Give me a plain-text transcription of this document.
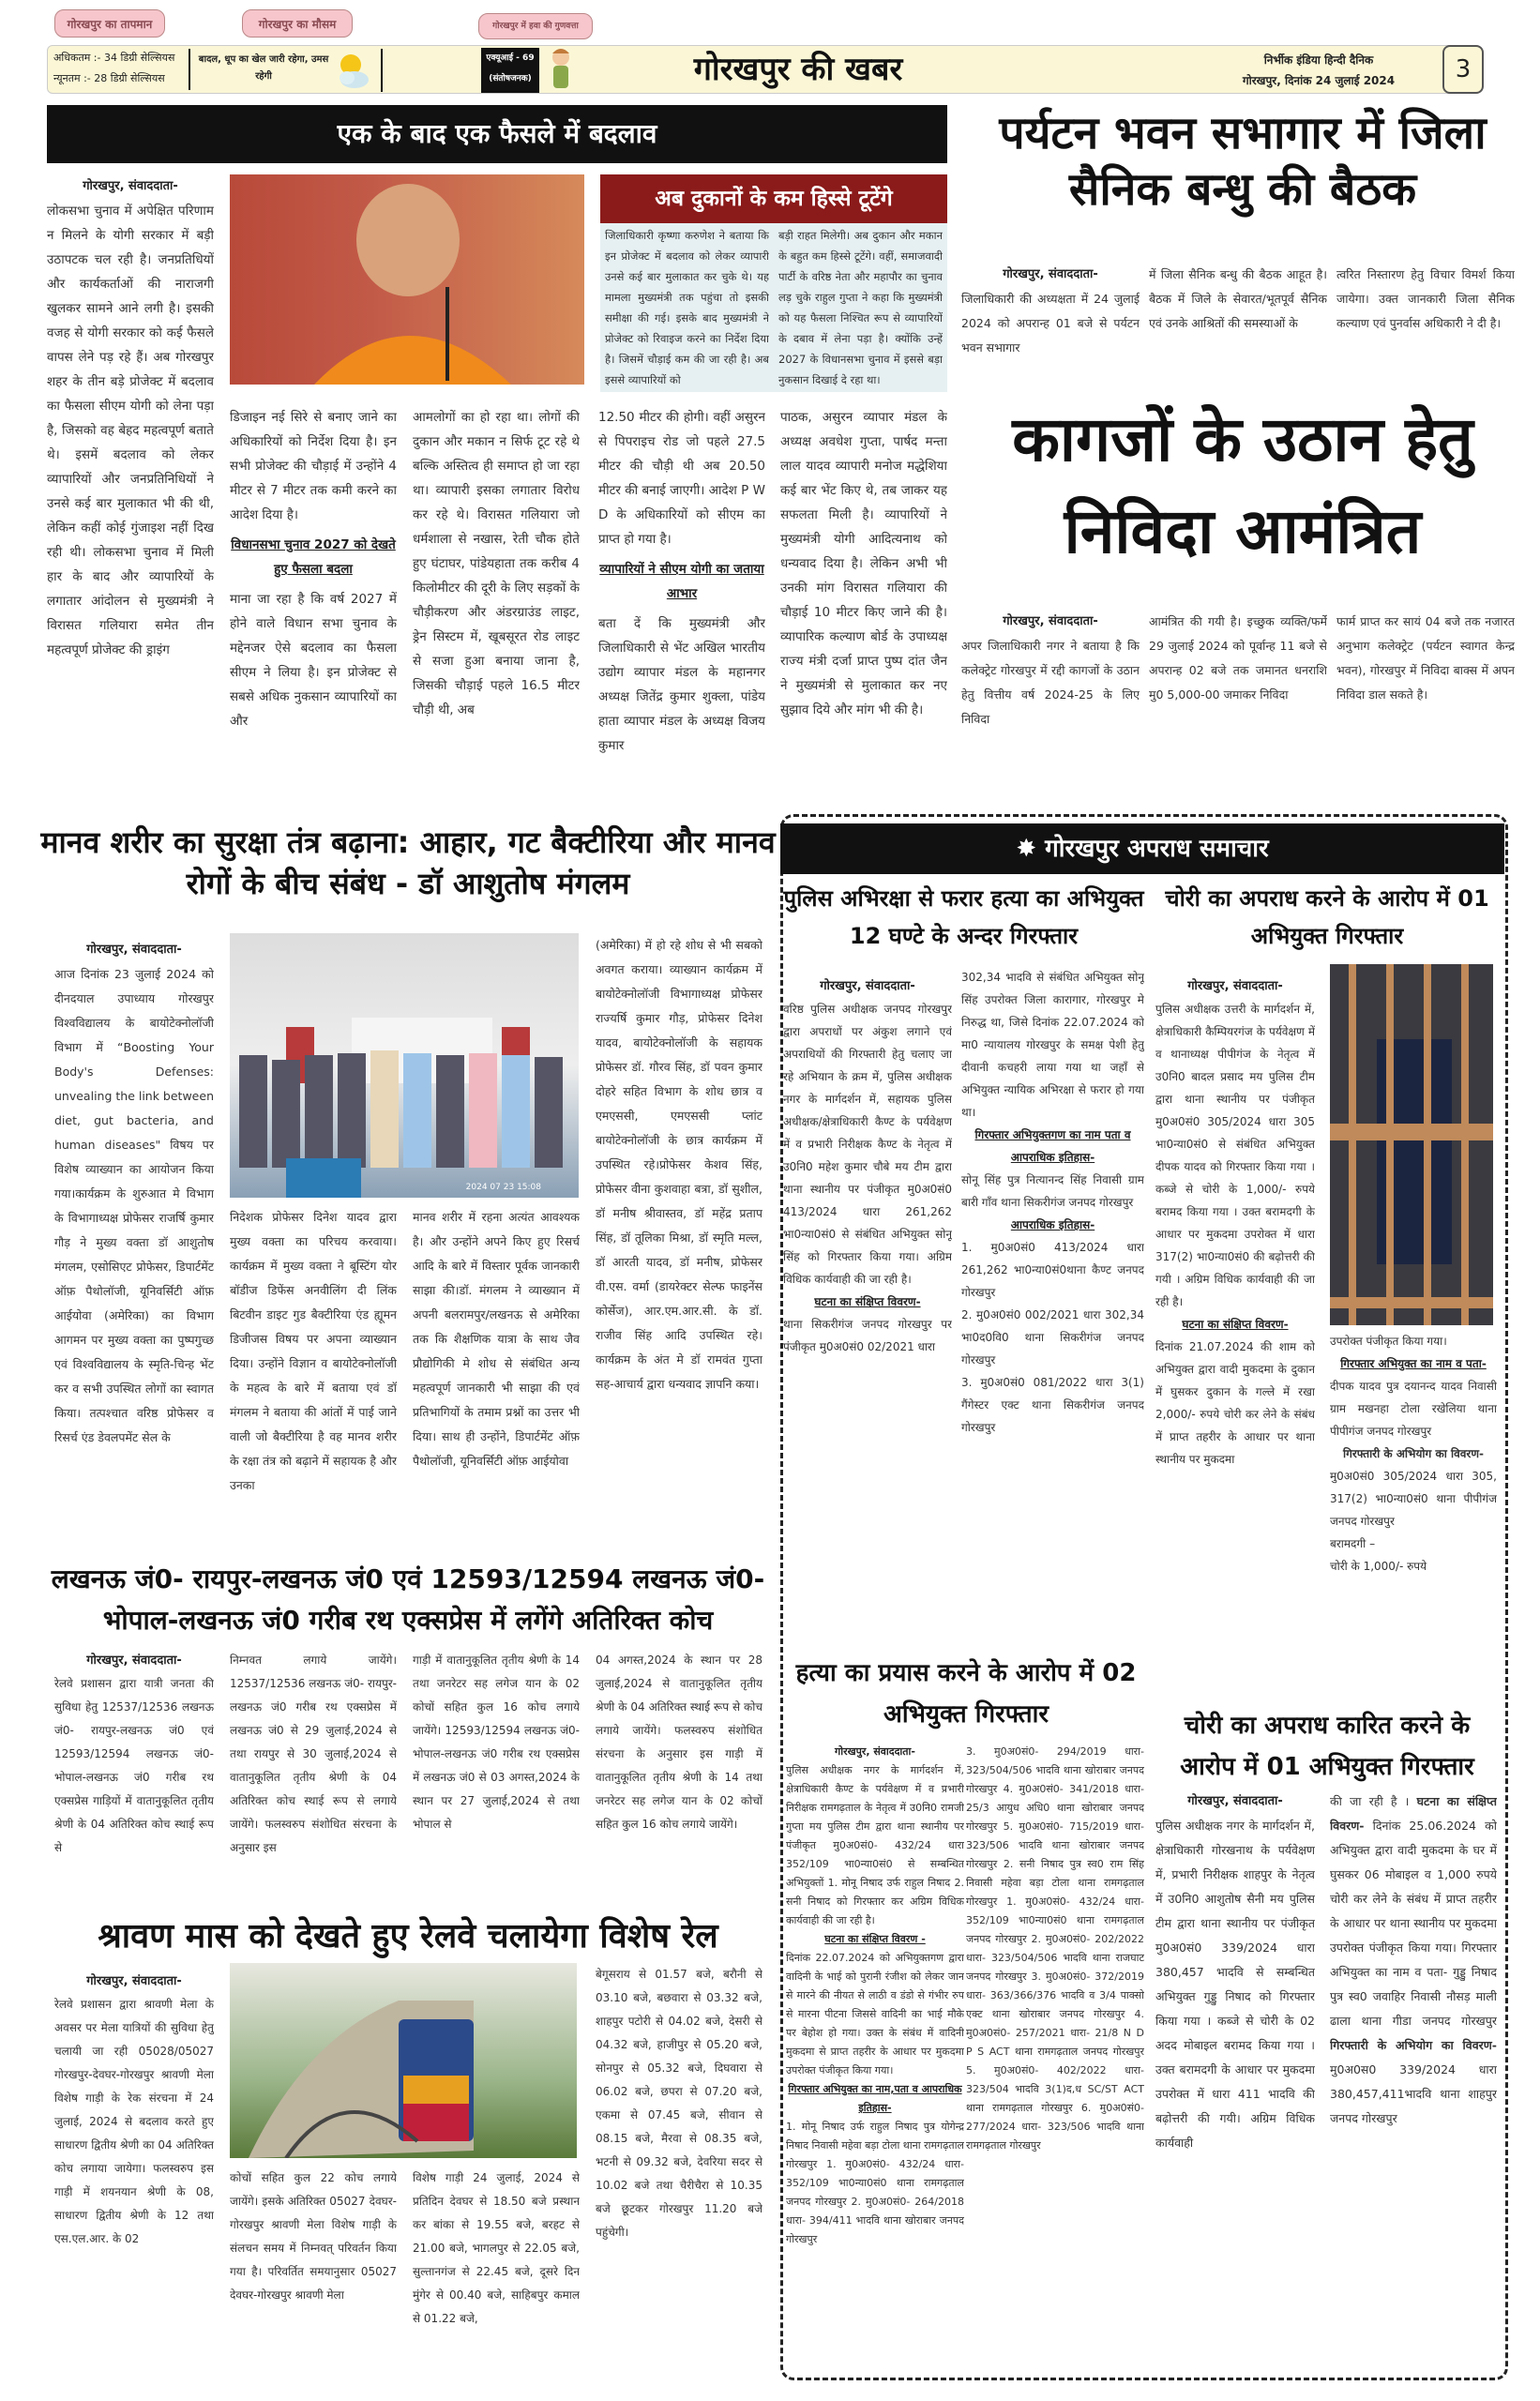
गोरखपुर का तापमान	गोरखपुर का मौसम	गोरखपुर में हवा की गुणवत्ता
अधिकतम :- 34 डिग्री सेल्सियस
न्यूनतम :- 28 डिग्री सेल्सियस
बादल, धूप का खेल जारी रहेगा, उमस रहेगी
एक्यूआई - 69
(संतोषजनक)	गोरखपुर की खबर	निर्भीक इंडिया हिन्दी दैनिक
गोरखपुर, दिनांक 24 जुलाई 2024	3
एक के बाद एक फैसले में बदलाव
गोरखपुर, संवाददाता-

लोकसभा चुनाव में अपेक्षित परिणाम न मिलने के योगी सरकार में बड़ी उठापटक चल रही है। जनप्रतिधियों और कार्यकर्ताओं की नाराजगी खुलकर सामने आने लगी है। इसकी वजह से योगी सरकार को कई फैसले वापस लेने पड़ रहे हैं। अब गोरखपुर शहर के तीन बड़े प्रोजेक्ट में बदलाव का फैसला सीएम योगी को लेना पड़ा है, जिसको वह बेहद महत्वपूर्ण बताते थे। इसमें बदलाव को लेकर व्यापारियों और जनप्रतिनिधियों ने उनसे कई बार मुलाकात भी की थी, लेकिन कहीं कोई गुंजाइश नहीं दिख रही थी। लोकसभा चुनाव में मिली हार के बाद और व्यापारियों के लगातार आंदोलन से मुख्यमंत्री ने विरासत गलियारा समेत तीन महत्वपूर्ण प्रोजेक्ट की ड्राइंग

अब दुकानों के कम हिस्से टूटेंगे
जिलाधिकारी कृष्णा करुणेश ने बताया कि इन प्रोजेक्ट में बदलाव को लेकर व्यापारी उनसे कई बार मुलाकात कर चुके थे। यह मामला मुख्यमंत्री तक पहुंचा तो इसकी समीक्षा की गई। इसके बाद मुख्यमंत्री ने प्रोजेक्ट को रिवाइज करने का निर्देश दिया है। जिसमें चौड़ाई कम की जा रही है। अब इससे व्यापारियों को
बड़ी राहत मिलेगी। अब दुकान और मकान के बहुत कम हिस्से टूटेंगे। वहीं, समाजवादी पार्टी के वरिष्ठ नेता और महापौर का चुनाव लड़ चुके राहुल गुप्ता ने कहा कि मुख्यमंत्री को यह फैसला निश्चित रूप से व्यापारियों के दबाव में लेना पड़ा है। क्योंकि उन्हें 2027 के विधानसभा चुनाव में इससे बड़ा नुकसान दिखाई दे रहा था।

डिजाइन नई सिरे से बनाए जाने का अधिकारियों को निर्देश दिया है। इन सभी प्रोजेक्ट की चौड़ाई में उन्होंने 4 मीटर से 7 मीटर तक कमी करने का आदेश दिया है।

विधानसभा चुनाव 2027 को देखते हुए फैसला बदला

माना जा रहा है कि वर्ष 2027 में होने वाले विधान सभा चुनाव के मद्देनजर ऐसे बदलाव का फैसला सीएम ने लिया है। इन प्रोजेक्ट से सबसे अधिक नुकसान व्यापारियों का और

आमलोगों का हो रहा था। लोगों की दुकान और मकान न सिर्फ टूट रहे थे बल्कि अस्तित्व ही समाप्त हो जा रहा था। व्यापारी इसका लगातार विरोध कर रहे थे। विरासत गलियारा जो धर्मशाला से नखास, रेती चौक होते हुए घंटाघर, पांडेयहाता तक करीब 4 किलोमीटर की दूरी के लिए सड़कों के चौड़ीकरण और अंडरग्राउंड लाइट, ड्रेन सिस्टम में, खूबसूरत रोड लाइट से सजा हुआ बनाया जाना है, जिसकी चौड़ाई पहले 16.5 मीटर चौड़ी थी, अब

12.50 मीटर की होगी। वहीं असुरन से पिपराइच रोड जो पहले 27.5 मीटर की चौड़ी थी अब 20.50 मीटर की बनाई जाएगी। आदेश P W D के अधिकारियों को सीएम का प्राप्त हो गया है।

व्यापारियों ने सीएम योगी का जताया आभार

बता दें कि मुख्यमंत्री और जिलाधिकारी से भेंट अखिल भारतीय उद्योग व्यापार मंडल के महानगर अध्यक्ष जितेंद्र कुमार शुक्ला, पांडेय हाता व्यापार मंडल के अध्यक्ष विजय कुमार

पाठक, असुरन व्यापार मंडल के अध्यक्ष अवधेश गुप्ता, पार्षद मन्ता लाल यादव व्यापारी मनोज मद्धेशिया कई बार भेंट किए थे, तब जाकर यह सफलता मिली है। व्यापारियों ने मुख्यमंत्री योगी आदित्यनाथ को धन्यवाद दिया है। लेकिन अभी भी उनकी मांग विरासत गलियारा की चौड़ाई 10 मीटर किए जाने की है। व्यापारिक कल्याण बोर्ड के उपाध्यक्ष राज्य मंत्री दर्जा प्राप्त पुष्प दांत जैन ने मुख्यमंत्री से मुलाकात कर नए सुझाव दिये और मांग भी की है।
पर्यटन भवन सभागार में जिला सैनिक बन्धु की बैठक
गोरखपुर, संवाददाता-

जिलाधिकारी की अध्यक्षता में 24 जुलाई 2024 को अपरान्ह 01 बजे से पर्यटन भवन सभागार

में जिला सैनिक बन्धु की बैठक आहूत है। बैठक में जिले के सेवारत/भूतपूर्व सैनिक एवं उनके आश्रितों की समस्याओं के
त्वरित निस्तारण हेतु विचार विमर्श किया जायेगा। उक्त जानकारी जिला सैनिक कल्याण एवं पुनर्वास अधिकारी ने दी है।
कागजों के उठान हेतु निविदा आमंत्रित
गोरखपुर, संवाददाता-

अपर जिलाधिकारी नगर ने बताया है कि कलेक्ट्रेट गोरखपुर में रद्दी कागजों के उठान हेतु वित्तीय वर्ष 2024-25 के लिए निविदा

आमंत्रित की गयी है। इच्छुक व्यक्ति/फर्मे 29 जुलाई 2024 को पूर्वान्ह 11 बजे से अपरान्ह 02 बजे तक जमानत धनराशि मु0 5,000-00 जमाकर निविदा
फार्म प्राप्त कर सायं 04 बजे तक नजारत अनुभाग कलेक्ट्रेट (पर्यटन स्वागत केन्द्र भवन), गोरखपुर में निविदा बाक्स में अपन निविदा डाल सकते है।
मानव शरीर का सुरक्षा तंत्र बढ़ाना: आहार, गट बैक्टीरिया और मानव रोगों के बीच संबंध - डॉ आशुतोष मंगलम
गोरखपुर, संवाददाता-

आज दिनांक 23 जुलाई 2024 को दीनदयाल उपाध्याय गोरखपुर विश्वविद्यालय के बायोटेक्नोलॉजी विभाग में “Boosting Your Body's Defenses: unvealing the link between diet, gut bacteria, and human diseases" विषय पर विशेष व्याख्यान का आयोजन किया गया।कार्यक्रम के शुरुआत मे विभाग के विभागाध्यक्ष प्रोफेसर राजर्षि कुमार गौड़ ने मुख्य वक्ता डॉ आशुतोष मंगलम, एसोसिएट प्रोफेसर, डिपार्टमेंट ऑफ़ पैथोलॉजी, यूनिवर्सिटी ऑफ़ आईयोवा (अमेरिका) का विभाग आगमन पर मुख्य वक्ता का पुष्पगुच्छ एवं विश्वविद्यालय के स्मृति-चिन्ह भेंट कर व सभी उपस्थित लोगों का स्वागत किया। तत्पश्चात वरिष्ठ प्रोफेसर व रिसर्च एंड डेवलपमेंट सेल के

2024 07 23 15:08
निदेशक प्रोफेसर दिनेश यादव द्वारा मुख्य वक्ता का परिचय करवाया।कार्यक्रम में मुख्य वक्ता ने बूस्टिंग योर बॉडीज डिफेंस अनवीलिंग दी लिंक बिटवीन डाइट गुड बैक्टीरिया एंड ह्यूमन डिजीजस विषय पर अपना व्याख्यान दिया। उन्होंने विज्ञान व बायोटेक्नोलॉजी के महत्व के बारे में बताया एवं डॉ मंगलम ने बताया की आंतों में पाई जाने वाली जो बैक्टीरिया है वह मानव शरीर के रक्षा तंत्र को बढ़ाने में सहायक है और उनका
मानव शरीर में रहना अत्यंत आवश्यक है। और उन्होंने अपने किए हुए रिसर्च आदि के बारे में विस्तार पूर्वक जानकारी साझा की।डॉ. मंगलम ने व्याख्यान में अपनी बलरामपुर/लखनऊ से अमेरिका तक कि शैक्षणिक यात्रा के साथ जैव प्रौद्योगिकी मे शोध से संबंधित अन्य महत्वपूर्ण जानकारी भी साझा की एवं प्रतिभागियों के तमाम प्रश्नों का उत्तर भी दिया। साथ ही उन्होंने, डिपार्टमेंट ऑफ़ पैथोलॉजी, यूनिवर्सिटी ऑफ़ आईयोवा
(अमेरिका) में हो रहे शोध से भी सबको अवगत कराया। व्याख्यान कार्यक्रम में बायोटेक्नोलॉजी विभागाध्यक्ष प्रोफेसर राज्यर्षि कुमार गौड़, प्रोफेसर दिनेश यादव, बायोटेक्नोलॉजी के सहायक प्रोफेसर डॉ. गौरव सिंह, डॉ पवन कुमार दोहरे सहित विभाग के शोध छात्र व एमएससी, एमएससी प्लांट बायोटेक्नोलॉजी के छात्र कार्यक्रम में उपस्थित रहे।प्रोफेसर केशव सिंह, प्रोफेसर वीना कुशवाहा बत्रा, डॉ सुशील, डॉ मनीष श्रीवास्तव, डॉ महेंद्र प्रताप सिंह, डॉ तूलिका मिश्रा, डॉ स्मृति मल्ल, डॉ आरती यादव, डॉ मनीष, प्रोफेसर वी.एस. वर्मा (डायरेक्टर सेल्फ फाइनेंस कोर्सेज), आर.एम.आर.सी. के डॉ. राजीव सिंह आदि उपस्थित रहे। कार्यक्रम के अंत मे डॉ रामवंत गुप्ता सह-आचार्य द्वारा धन्यवाद ज्ञापनि कया।
लखनऊ जं0- रायपुर-लखनऊ जं0 एवं 12593/12594 लखनऊ जं0-भोपाल-लखनऊ जं0 गरीब रथ एक्सप्रेस में लगेंगे अतिरिक्त कोच
गोरखपुर, संवाददाता-

रेलवे प्रशासन द्वारा यात्री जनता की सुविधा हेतु 12537/12536 लखनऊ जं0- रायपुर-लखनऊ जं0 एवं 12593/12594 लखनऊ जं0- भोपाल-लखनऊ जं0 गरीब रथ एक्सप्रेस गाड़ियों में वातानुकूलित तृतीय श्रेणी के 04 अतिरिक्त कोच स्थाई रूप से

निम्नवत लगाये जायेंगे। 12537/12536 लखनऊ जं0- रायपुर-लखनऊ जं0 गरीब रथ एक्सप्रेस में लखनऊ जं0 से 29 जुलाई,2024 से तथा रायपुर से 30 जुलाई,2024 से वातानुकूलित तृतीय श्रेणी के 04 अतिरिक्त कोच स्थाई रूप से लगाये जायेंगे। फलस्वरुप संशोधित संरचना के अनुसार इस
गाड़ी में वातानुकूलित तृतीय श्रेणी के 14 तथा जनरेटर सह लगेज यान के 02 कोचों सहित कुल 16 कोच लगाये जायेंगे। 12593/12594 लखनऊ जं0- भोपाल-लखनऊ जं0 गरीब रथ एक्सप्रेस में लखनऊ जं0 से 03 अगस्त,2024 के स्थान पर 27 जुलाई,2024 से तथा भोपाल से
04 अगस्त,2024 के स्थान पर 28 जुलाई,2024 से वातानुकूलित तृतीय श्रेणी के 04 अतिरिक्त स्थाई रूप से कोच लगाये जायेंगे। फलस्वरुप संशोधित संरचना के अनुसार इस गाड़ी में वातानुकूलित तृतीय श्रेणी के 14 तथा जनरेटर सह लगेज यान के 02 कोचों सहित कुल 16 कोच लगाये जायेंगे।
श्रावण मास को देखते हुए रेलवे चलायेगा विशेष रेल
गोरखपुर, संवाददाता-

रेलवे प्रशासन द्वारा श्रावणी मेला के अवसर पर मेला यात्रियों की सुविधा हेतु चलायी जा रही 05028/05027 गोरखपुर-देवघर-गोरखपुर श्रावणी मेला विशेष गाड़ी के रेक संरचना में 24 जुलाई, 2024 से बदलाव करते हुए साधारण द्वितीय श्रेणी का 04 अतिरिक्त कोच लगाया जायेगा। फलस्वरुप इस गाड़ी में शयनयान श्रेणी के 08, साधारण द्वितीय श्रेणी के 12 तथा एस.एल.आर. के 02

कोचों सहित कुल 22 कोच लगाये जायेंगे। इसके अतिरिक्त 05027 देवघर-गोरखपुर श्रावणी मेला विशेष गाड़ी के संलचन समय में निम्नवत् परिवर्तन किया गया है। परिवर्तित समयानुसार 05027 देवघर-गोरखपुर श्रावणी मेला
विशेष गाड़ी 24 जुलाई, 2024 से प्रतिदिन देवघर से 18.50 बजे प्रस्थान कर बांका से 19.55 बजे, बरहट से 21.00 बजे, भागलपुर से 22.05 बजे, सुल्तानगंज से 22.45 बजे, दूसरे दिन मुंगेर से 00.40 बजे, साहिबपुर कमाल से 01.22 बजे,
बेगूसराय से 01.57 बजे, बरौनी से 03.10 बजे, बछवारा से 03.32 बजे, शाहपुर पटोरी से 04.02 बजे, देसरी से 04.32 बजे, हाजीपुर से 05.20 बजे, सोनपुर से 05.32 बजे, दिघवारा से 06.02 बजे, छपरा से 07.20 बजे, एकमा से 07.45 बजे, सीवान से 08.15 बजे, मैरवा से 08.35 बजे, भटनी से 09.32 बजे, देवरिया सदर से 10.02 बजे तथा चैरीचैरा से 10.35 बजे छूटकर गोरखपुर 11.20 बजे पहुंचेगी।
✸ गोरखपुर अपराध समाचार
पुलिस अभिरक्षा से फरार हत्या का अभियुक्त 12 घण्टे के अन्दर गिरफ्तार
गोरखपुर, संवाददाता-

वरिष्ठ पुलिस अधीक्षक जनपद गोरखपुर द्वारा अपराधों पर अंकुश लगाने एवं अपराधियों की गिरफ्तारी हेतु चलाए जा रहे अभियान के क्रम में, पुलिस अधीक्षक नगर के मार्गदर्शन में, सहायक पुलिस अधीक्षक/क्षेत्राधिकारी कैण्ट के पर्यवेक्षण में व प्रभारी निरीक्षक कैण्ट के नेतृत्व में उ0नि0 महेश कुमार चौबे मय टीम द्वारा थाना स्थानीय पर पंजीकृत मु0अ0सं0 413/2024 धारा 261,262 भा0न्या0सं0 से संबंधित अभियुक्त सोनू सिंह को गिरफ्तार किया गया। अग्रिम विधिक कार्यवाही की जा रही है।

घटना का संक्षिप्त विवरण-

थाना सिकरीगंज जनपद गोरखपुर पर पंजीकृत मु0अ0सं0 02/2021 धारा

302,34 भादवि से संबंधित अभियुक्त सोनू सिंह उपरोक्त जिला कारागार, गोरखपुर मे निरुद्ध था, जिसे दिनांक 22.07.2024 को मा0 न्यायालय गोरखपुर के समक्ष पेशी हेतु दीवानी कचहरी लाया गया था जहाँ से अभियुक्त न्यायिक अभिरक्षा से फरार हो गया था।

गिरफ्तार अभियुक्तगण का नाम पता व आपराधिक इतिहास-

सोनू सिंह पुत्र नित्यानन्द सिंह निवासी ग्राम बारी गाँव थाना सिकरीगंज जनपद गोरखपुर

आपराधिक इतिहास-

1. मु0अ0सं0 413/2024 धारा 261,262 भा0न्या0सं0थाना कैण्ट जनपद गोरखपुर

2. मु0अ0सं0 002/2021 धारा 302,34 भा0द0वि0 थाना सिकरीगंज जनपद गोरखपुर

3. मु0अ0सं0 081/2022 धारा 3(1) गैंगेस्टर एक्ट थाना सिकरीगंज जनपद गोरखपुर

चोरी का अपराध करने के आरोप में 01 अभियुक्त गिरफ्तार
गोरखपुर, संवाददाता-

पुलिस अधीक्षक उत्तरी के मार्गदर्शन में, क्षेत्राधिकारी कैम्पियरगंज के पर्यवेक्षण में व थानाध्यक्ष पीपीगंज के नेतृत्व में उ0नि0 बादल प्रसाद मय पुलिस टीम द्वारा थाना स्थानीय पर पंजीकृत मु0अ0सं0 305/2024 धारा 305 भा0न्या0सं0 से संबंधित अभियुक्त दीपक यादव को गिरफ्तार किया गया । कब्जे से चोरी के 1,000/- रुपये बरामद किया गया । उक्त बरामदगी के आधार पर मुकदमा उपरोक्त में धारा 317(2) भा0न्या0सं0 की बढ़ोत्तरी की गयी । अग्रिम विधिक कार्यवाही की जा रही है।

घटना का संक्षिप्त विवरण-

दिनांक 21.07.2024 की शाम को अभियुक्त द्वारा वादी मुकदमा के दुकान में घुसकर दुकान के गल्ले में रखा 2,000/- रुपये चोरी कर लेने के संबंध में प्राप्त तहरीर के आधार पर थाना स्थानीय पर मुकदमा

उपरोक्त पंजीकृत किया गया।

गिरफ्तार अभियुक्त का नाम व पता-

दीपक यादव पुत्र दयानन्द यादव निवासी ग्राम मखनहा टोला रखेलिया थाना पीपीगंज जनपद गोरखपुर

गिरफ्तारी के अभियोग का विवरण-

मु0अ0सं0 305/2024 धारा 305, 317(2) भा0न्या0सं0 थाना पीपीगंज जनपद गोरखपुर

बरामदगी –

चोरी के 1,000/- रुपये

हत्या का प्रयास करने के आरोप में 02 अभियुक्त गिरफ्तार
गोरखपुर, संवाददाता-

पुलिस अधीक्षक नगर के मार्गदर्शन में, क्षेत्राधिकारी कैण्ट के पर्यवेक्षण में व प्रभारी निरीक्षक रामगढ़ताल के नेतृत्व में उ0नि0 रामजी गुप्ता मय पुलिस टीम द्वारा थाना स्थानीय पर पंजीकृत मु0अ0सं0- 432/24 धारा 352/109 भा0न्या0सं0 से सम्बन्धित अभियुक्तों 1. मोनू निषाद उर्फ राहुल निषाद 2. सनी निषाद को गिरफ्तार कर अग्रिम विधिक कार्यवाही की जा रही है।

घटना का संक्षिप्त विवरण -

दिनांक 22.07.2024 को अभियुक्तगण द्वारा वादिनी के भाई को पुरानी रंजीश को लेकर जान से मारने की नीयत से लाठी व डंडो से गंभीर रुप से मारना पीटना जिससे वादिनी का भाई मौके पर बेहोश हो गया। उक्त के संबंध में वादिनी मुकदमा से प्राप्त तहरीर के आधार पर मुकदमा उपरोक्त पंजीकृत किया गया।

गिरफ्तार अभियुक्त का नाम,पता व आपराधिक इतिहास-

1. मोनू निषाद उर्फ राहुल निषाद पुत्र योगेन्द्र निषाद निवासी महेवा बड़ा टोला थाना रामगढ़ताल गोरखपुर 1. मु0अ0सं0- 432/24 धारा- 352/109 भा0न्या0सं0 थाना रामगढ़ताल जनपद गोरखपुर 2. मु0अ0सं0- 264/2018 धारा- 394/411 भादवि थाना खोराबार जनपद गोरखपुर

3. मु0अ0सं0- 294/2019 धारा- 323/504/506 भादवि थाना खोराबार जनपद गोरखपुर 4. मु0अ0सं0- 341/2018 धारा- 25/3 आयुध अधि0 थाना खोराबार जनपद गोरखपुर 5. मु0अ0सं0- 715/2019 धारा- 323/506 भादवि थाना खोराबार जनपद गोरखपुर 2. सनी निषाद पुत्र स्व0 राम सिंह निवासी महेवा बड़ा टोला थाना रामगढ़ताल गोरखपुर 1. मु0अ0सं0- 432/24 धारा- 352/109 भा0न्या0सं0 थाना रामगढ़ताल जनपद गोरखपुर 2. मु0अ0सं0- 202/2022 धारा- 323/504/506 भादवि थाना राजघाट जनपद गोरखपुर 3. मु0अ0सं0- 372/2019 धारा- 363/366/376 भादवि व 3/4 पाक्सो एक्ट थाना खोराबार जनपद गोरखपुर 4. मु0अ0सं0- 257/2021 धारा- 21/8 N D P S ACT थाना रामगढ़ताल जनपद गोरखपुर 5. मु0अ0सं0- 402/2022 धारा- 323/504 भादवि 3(1)द,ध SC/ST ACT थाना रामगढ़ताल गोरखपुर 6. मु0अ0सं0- 277/2024 धारा- 323/506 भादवि थाना रामगढ़ताल गोरखपुर
चोरी का अपराध कारित करने के आरोप में 01 अभियुक्त गिरफ्तार
गोरखपुर, संवाददाता-

पुलिस अधीक्षक नगर के मार्गदर्शन में, क्षेत्राधिकारी गोरखनाथ के पर्यवेक्षण में, प्रभारी निरीक्षक शाहपुर के नेतृत्व में उ0नि0 आशुतोष सैनी मय पुलिस टीम द्वारा थाना स्थानीय पर पंजीकृत मु0अ0सं0 339/2024 धारा 380,457 भादवि से सम्बन्धित अभियुक्त गुड्डु निषाद को गिरफ्तार किया गया । कब्जे से चोरी के 02 अदद मोबाइल बरामद किया गया । उक्त बरामदगी के आधार पर मुकदमा उपरोक्त में धारा 411 भादवि की बढ़ोत्तरी की गयी। अग्रिम विधिक कार्यवाही

की जा रही है । घटना का संक्षिप्त विवरण- दिनांक 25.06.2024 को अभियुक्त द्वारा वादी मुकदमा के घर में घुसकर 06 मोबाइल व 1,000 रुपये चोरी कर लेने के संबंध में प्राप्त तहरीर के आधार पर थाना स्थानीय पर मुकदमा उपरोक्त पंजीकृत किया गया। गिरफ्तार अभियुक्त का नाम व पता- गुड्डु निषाद पुत्र स्व0 जवाहिर निवासी नौसड़ माली ढाला थाना गीडा जनपद गोरखपुर गिरफ्तारी के अभियोग का विवरण- मु0अ0स0 339/2024 धारा 380,457,411भादवि थाना शाहपुर जनपद गोरखपुर
